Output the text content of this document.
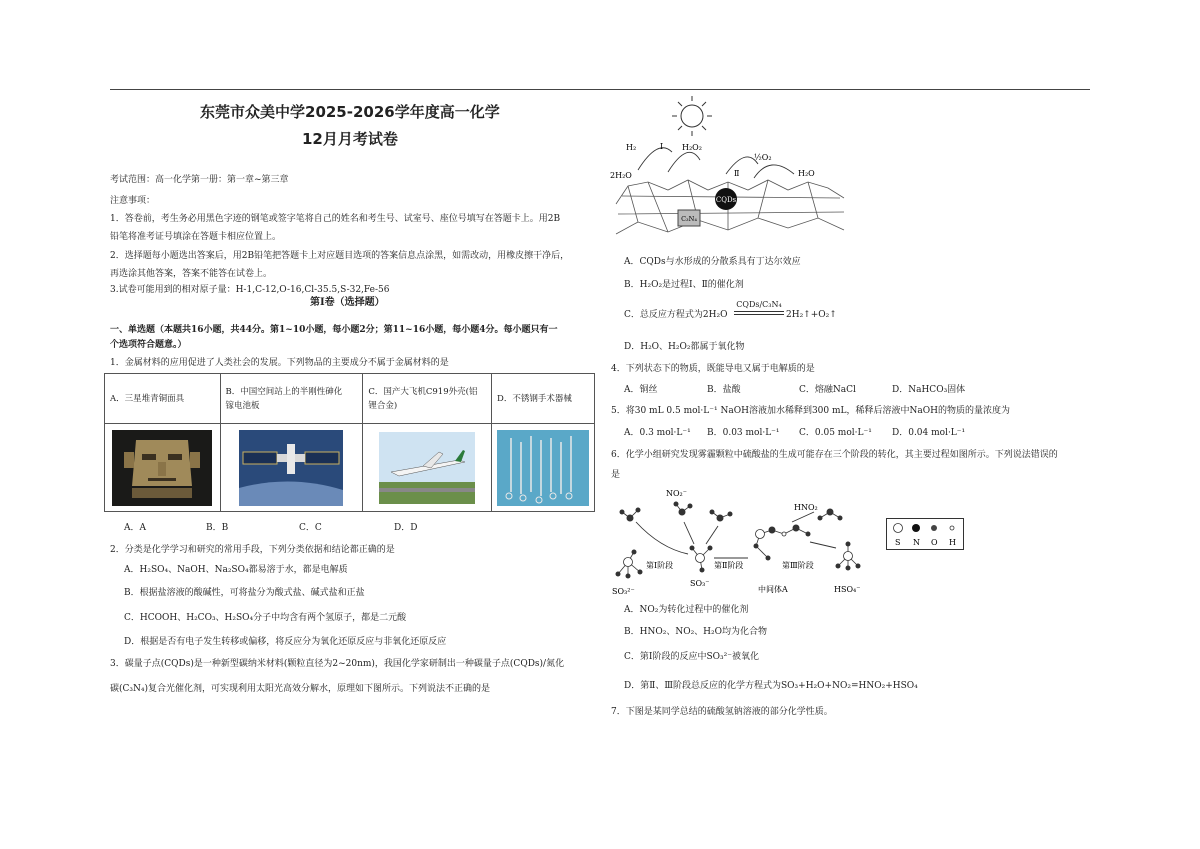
东莞市众美中学2025-2026学年度高一化学
12月月考试卷
考试范围：高一化学第一册：第一章~第三章
注意事项：
1．答卷前，考生务必用黑色字迹的钢笔或签字笔将自己的姓名和考生号、试室号、座位号填写在答题卡上。用2B
铅笔将准考证号填涂在答题卡相应位置上。
2．选择题每小题选出答案后，用2B铅笔把答题卡上对应题目选项的答案信息点涂黑，如需改动，用橡皮擦干净后，
再选涂其他答案，答案不能答在试卷上。
3.试卷可能用到的相对原子量：H-1,C-12,O-16,Cl-35.5,S-32,Fe-56
第Ⅰ卷（选择题）
一、单选题（本题共16小题，共44分。第1~10小题，每小题2分；第11~16小题，每小题4分。每小题只有一
个选项符合题意。）
1．金属材料的应用促进了人类社会的发展。下列物品的主要成分不属于金属材料的是
A．三星堆青铜面具	B．中国空间站上的半刚性砷化
镓电池板	C．国产大飞机C919外壳(铝
锂合金)	D．不锈钢手术器械

A．A	B．B	C．C	D．D
2．分类是化学学习和研究的常用手段，下列分类依据和结论都正确的是
A．H₂SO₄、NaOH、Na₂SO₄都易溶于水，都是电解质
B．根据盐溶液的酸碱性，可将盐分为酸式盐、碱式盐和正盐
C．HCOOH、H₂CO₃、H₂SO₄分子中均含有两个氢原子，都是二元酸
D．根据是否有电子发生转移或偏移，将反应分为氧化还原反应与非氧化还原反应
3．碳量子点(CQDs)是一种新型碳纳米材料(颗粒直径为2~20nm)，我国化学家研制出一种碳量子点(CQDs)/氮化
碳(C₃N₄)复合光催化剂，可实现利用太阳光高效分解水，原理如下图所示。下列说法不正确的是
CQDs
C₃N₄
H₂	H₂O₂
½O₂
2H₂O	H₂O
Ⅰ
Ⅱ
A．CQDs与水形成的分散系具有丁达尔效应
B．H₂O₂是过程Ⅰ、Ⅱ的催化剂
C．总反应方程式为2H₂O
CQDs/C₃N₄
2H₂↑+O₂↑
D．H₂O、H₂O₂都属于氧化物
4．下列状态下的物质，既能导电又属于电解质的是
A．铜丝	B．盐酸	C．熔融NaCl	D．NaHCO₃固体
5．将30 mL 0.5 mol·L⁻¹ NaOH溶液加水稀释到300 mL，稀释后溶液中NaOH的物质的量浓度为
A．0.3 mol·L⁻¹ B．0.03 mol·L⁻¹ C．0.05 mol·L⁻¹ D．0.04 mol·L⁻¹
6．化学小组研究发现雾霾颗粒中硫酸盐的生成可能存在三个阶段的转化，其主要过程如图所示。下列说法错误的
是
NO₂⁻
HNO₂
SO₃²⁻
SO₃⁻
中间体A	HSO₄⁻
第Ⅰ阶段	第Ⅱ阶段	第Ⅲ阶段
S N O H
A．NO₂为转化过程中的催化剂
B．HNO₂、NO₂、H₂O均为化合物
C．第Ⅰ阶段的反应中SO₃²⁻被氧化
D．第Ⅱ、Ⅲ阶段总反应的化学方程式为SO₃+H₂O+NO₂=HNO₂+HSO₄
7．下图是某同学总结的硫酸氢钠溶液的部分化学性质。
